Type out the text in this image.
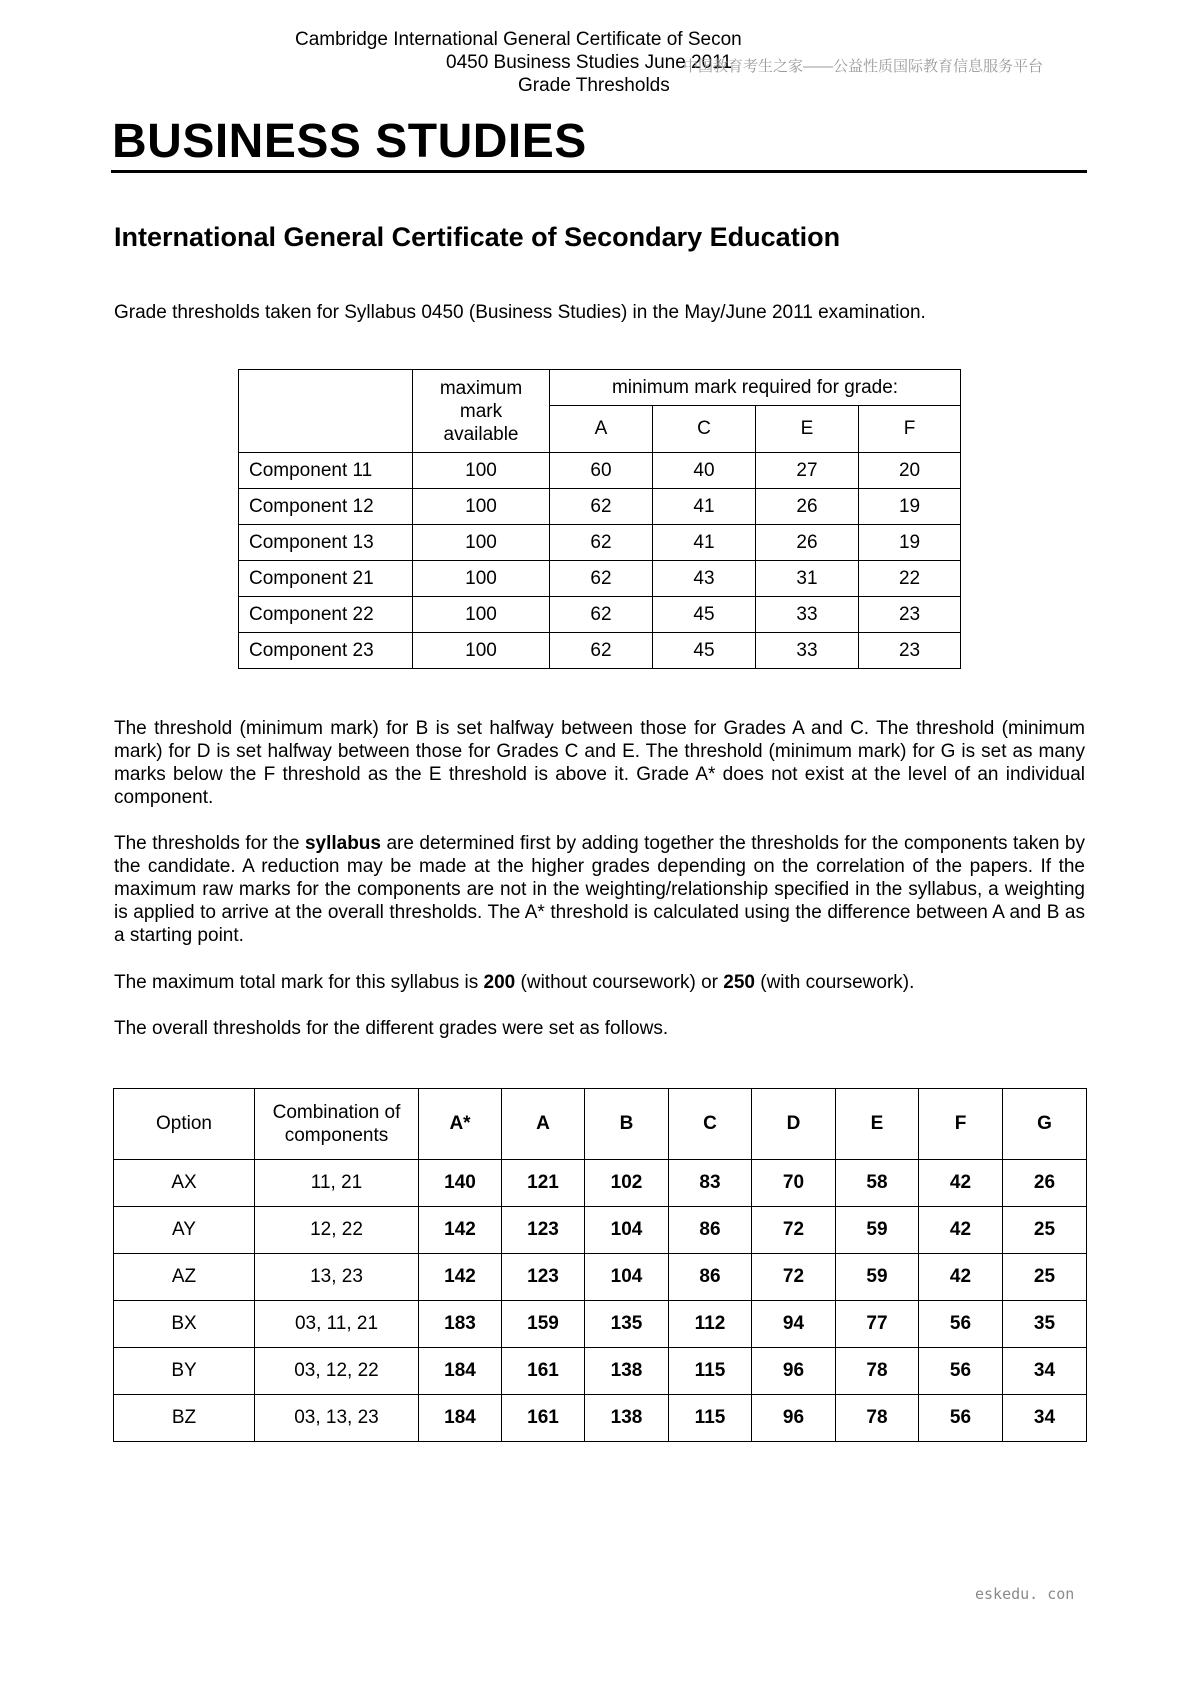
Cambridge International General Certificate of Secon
0450 Business Studies June 2011
Grade Thresholds
中国教育考生之家——公益性质国际教育信息服务平台
BUSINESS STUDIES
International General Certificate of Secondary Education
Grade thresholds taken for Syllabus 0450 (Business Studies) in the May/June 2011 examination.
	maximum mark available	minimum mark required for grade:			
		A	C	E	F
Component 11	100	60	40	27	20
Component 12	100	62	41	26	19
Component 13	100	62	41	26	19
Component 21	100	62	43	31	22
Component 22	100	62	45	33	23
Component 23	100	62	45	33	23
The threshold (minimum mark) for B is set halfway between those for Grades A and C. The threshold (minimum mark) for D is set halfway between those for Grades C and E. The threshold (minimum mark) for G is set as many marks below the F threshold as the E threshold is above it. Grade A* does not exist at the level of an individual component.
The thresholds for the syllabus are determined first by adding together the thresholds for the components taken by the candidate. A reduction may be made at the higher grades depending on the correlation of the papers. If the maximum raw marks for the components are not in the weighting/relationship specified in the syllabus, a weighting is applied to arrive at the overall thresholds. The A* threshold is calculated using the difference between A and B as a starting point.
The maximum total mark for this syllabus is 200 (without coursework) or 250 (with coursework).
The overall thresholds for the different grades were set as follows.
Option	Combination of components	A*	A	B	C	D	E	F	G
AX	11, 21	140	121	102	83	70	58	42	26
AY	12, 22	142	123	104	86	72	59	42	25
AZ	13, 23	142	123	104	86	72	59	42	25
BX	03, 11, 21	183	159	135	112	94	77	56	35
BY	03, 12, 22	184	161	138	115	96	78	56	34
BZ	03, 13, 23	184	161	138	115	96	78	56	34
eskedu. con
